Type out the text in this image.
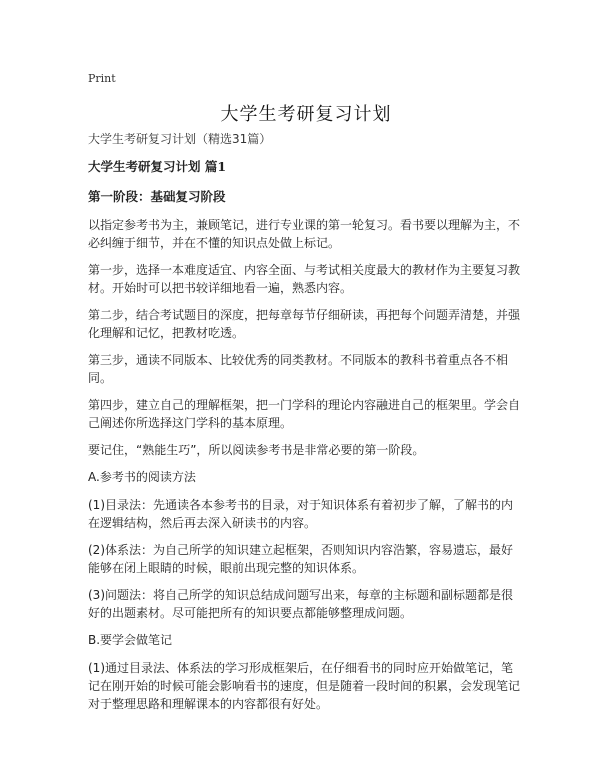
Print
大学生考研复习计划
大学生考研复习计划（精选31篇）
大学生考研复习计划 篇1
第一阶段：基础复习阶段

以指定参考书为主，兼顾笔记，进行专业课的第一轮复习。看书要以理解为主，不必纠缠于细节，并在不懂的知识点处做上标记。

第一步，选择一本难度适宜、内容全面、与考试相关度最大的教材作为主要复习教材。开始时可以把书较详细地看一遍，熟悉内容。

第二步，结合考试题目的深度，把每章每节仔细研读，再把每个问题弄清楚，并强化理解和记忆，把教材吃透。

第三步，通读不同版本、比较优秀的同类教材。不同版本的教科书着重点各不相同。

第四步，建立自己的理解框架，把一门学科的理论内容融进自己的框架里。学会自己阐述你所选择这门学科的基本原理。

要记住，“熟能生巧”，所以阅读参考书是非常必要的第一阶段。

A.参考书的阅读方法

(1)目录法：先通读各本参考书的目录，对于知识体系有着初步了解，了解书的内在逻辑结构，然后再去深入研读书的内容。

(2)体系法：为自己所学的知识建立起框架，否则知识内容浩繁，容易遗忘，最好能够在闭上眼睛的时候，眼前出现完整的知识体系。

(3)问题法：将自己所学的知识总结成问题写出来，每章的主标题和副标题都是很好的出题素材。尽可能把所有的知识要点都能够整理成问题。

B.要学会做笔记

(1)通过目录法、体系法的学习形成框架后，在仔细看书的同时应开始做笔记，笔记在刚开始的时候可能会影响看书的速度，但是随着一段时间的积累，会发现笔记对于整理思路和理解课本的内容都很有好处。
